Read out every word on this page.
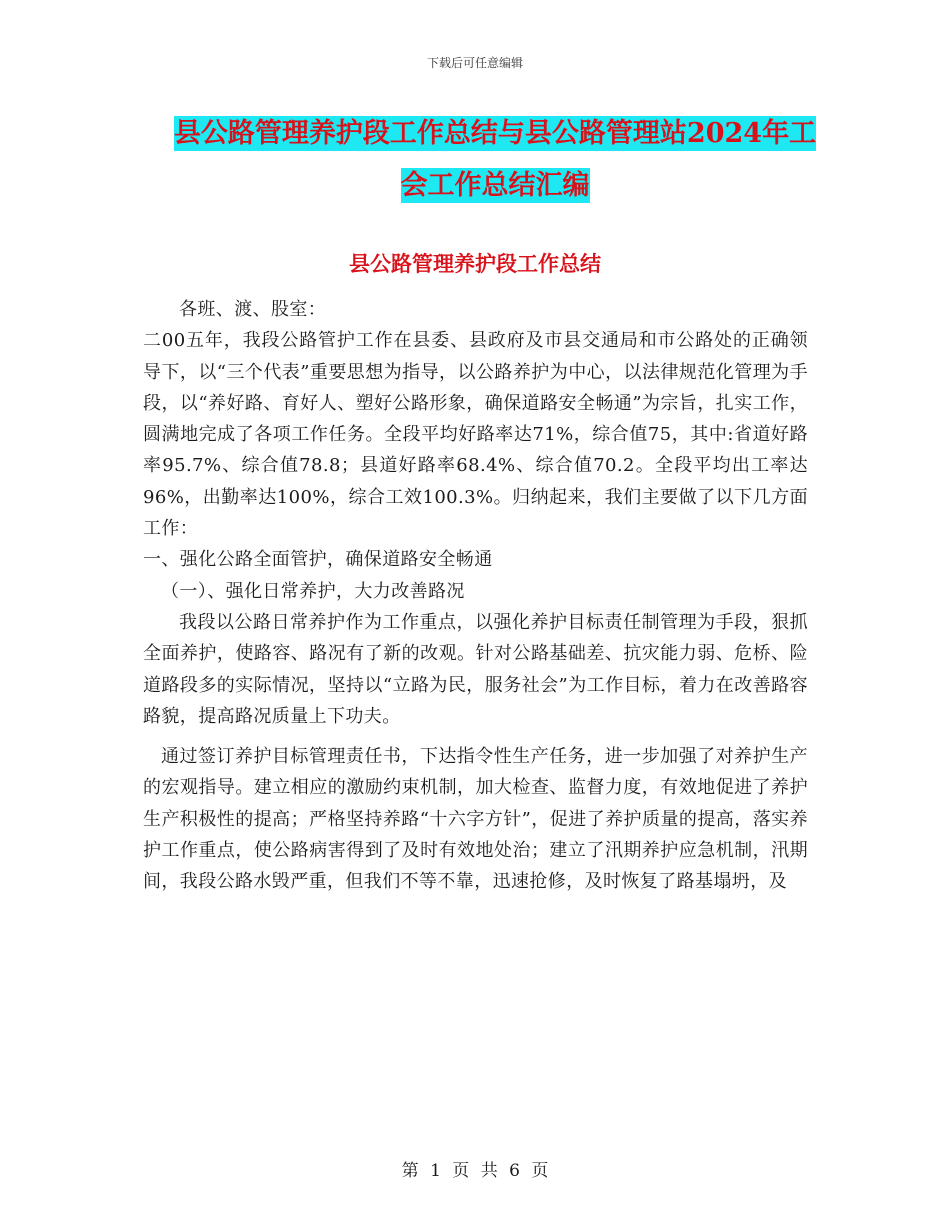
下载后可任意编辑
县公路管理养护段工作总结与县公路管理站2024年工
会工作总结汇编
县公路管理养护段工作总结

各班、渡、股室：

二00五年，我段公路管护工作在县委、县政府及市县交通局和市公路处的正确领导下，以“三个代表”重要思想为指导，以公路养护为中心，以法律规范化管理为手段，以“养好路、育好人、塑好公路形象，确保道路安全畅通”为宗旨，扎实工作，圆满地完成了各项工作任务。全段平均好路率达71%，综合值75，其中:省道好路率95.7%、综合值78.8；县道好路率68.4%、综合值70.2。全段平均出工率达96%，出勤率达100%，综合工效100.3%。归纳起来，我们主要做了以下几方面工作：

一、强化公路全面管护，确保道路安全畅通

（一）、强化日常养护，大力改善路况

我段以公路日常养护作为工作重点，以强化养护目标责任制管理为手段，狠抓全面养护，使路容、路况有了新的改观。针对公路基础差、抗灾能力弱、危桥、险道路段多的实际情况，坚持以“立路为民，服务社会”为工作目标，着力在改善路容路貌，提高路况质量上下功夫。

通过签订养护目标管理责任书，下达指令性生产任务，进一步加强了对养护生产的宏观指导。建立相应的激励约束机制，加大检查、监督力度，有效地促进了养护生产积极性的提高；严格坚持养路“十六字方针”，促进了养护质量的提高，落实养护工作重点，使公路病害得到了及时有效地处治；建立了汛期养护应急机制，汛期间，我段公路水毁严重，但我们不等不靠，迅速抢修，及时恢复了路基塌坍，及

第 1 页 共 6 页
